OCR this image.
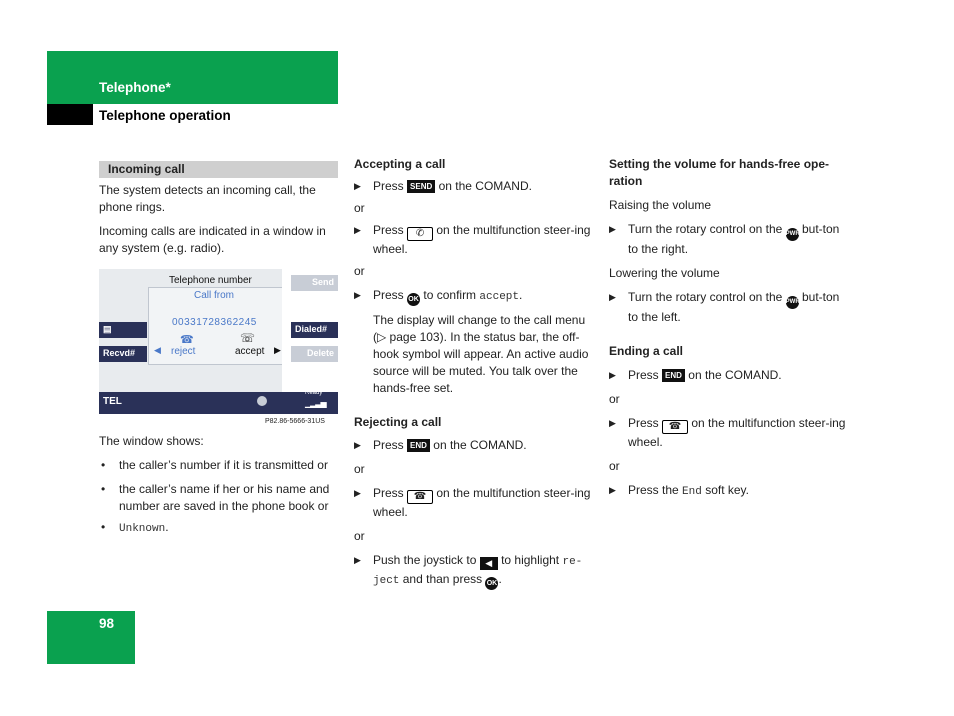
Telephone*
Telephone operation
98
Incoming call

The system detects an incoming call, the phone rings.

Incoming calls are indicated in a window in any system (e.g. radio).

Telephone number
Call from
00331728362245
▤
Recvd#
☎	☏
◀ reject	accept ▶
TEL
Dialed#
Delete
Send
Ready
▁▂▃▅
P82.86-5666-31US

The window shows:

• the caller’s number if it is transmitted or

• the caller’s name if her or his name and number are saved in the phone book or

• Unknown.

Accepting a call

▶ Press SEND on the COMAND.

or

▶ Press ✆ on the multifunction steer-ing wheel.

or

▶ Press OK to confirm accept.

The display will change to the call menu (▷ page 103). In the status bar, the off-hook symbol will appear. An active audio source will be muted. You talk over the hands-free set.

Rejecting a call

▶ Press END on the COMAND.

or

▶ Press ☎ on the multifunction steer-ing wheel.

or

▶ Push the joystick to ◀ to highlight re-ject and than press OK.

Setting the volume for hands-free ope-ration

Raising the volume

▶ Turn the rotary control on the PWR but-ton to the right.

Lowering the volume

▶ Turn the rotary control on the PWR but-ton to the left.

Ending a call

▶ Press END on the COMAND.

or

▶ Press ☎ on the multifunction steer-ing wheel.

or

▶ Press the End soft key.
